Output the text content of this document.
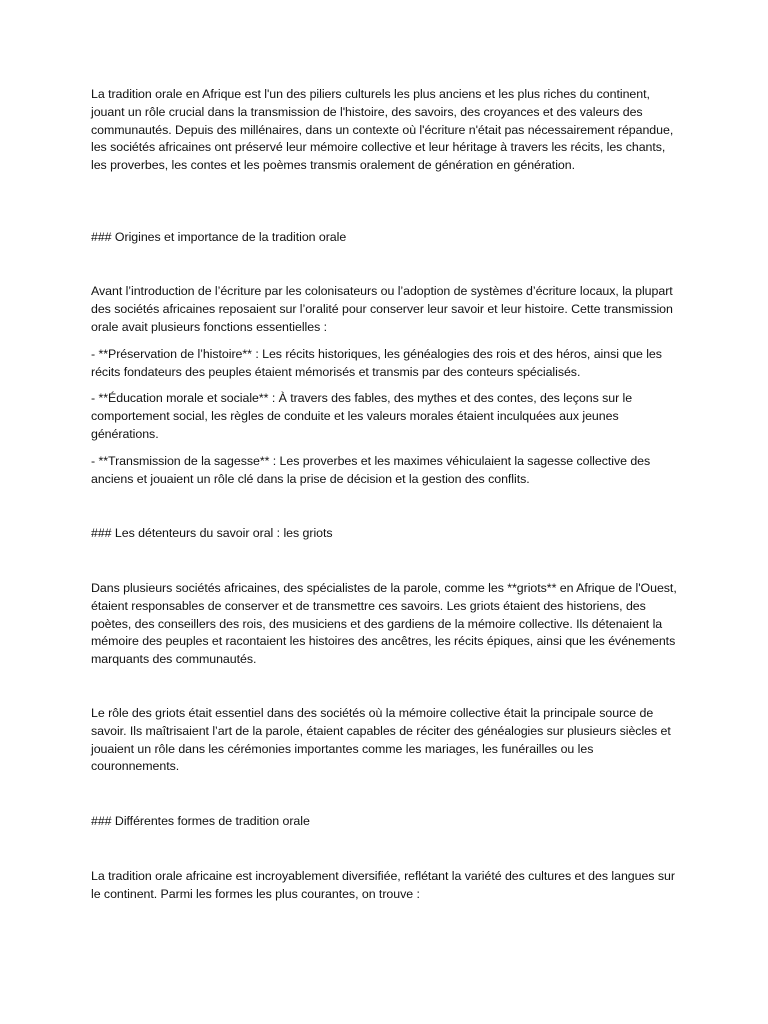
La tradition orale en Afrique est l'un des piliers culturels les plus anciens et les plus riches du continent, jouant un rôle crucial dans la transmission de l'histoire, des savoirs, des croyances et des valeurs des communautés. Depuis des millénaires, dans un contexte où l'écriture n'était pas nécessairement répandue, les sociétés africaines ont préservé leur mémoire collective et leur héritage à travers les récits, les chants, les proverbes, les contes et les poèmes transmis oralement de génération en génération.

### Origines et importance de la tradition orale

Avant l’introduction de l’écriture par les colonisateurs ou l’adoption de systèmes d’écriture locaux, la plupart des sociétés africaines reposaient sur l’oralité pour conserver leur savoir et leur histoire. Cette transmission orale avait plusieurs fonctions essentielles :

- **Préservation de l’histoire** : Les récits historiques, les généalogies des rois et des héros, ainsi que les récits fondateurs des peuples étaient mémorisés et transmis par des conteurs spécialisés.

- **Éducation morale et sociale** : À travers des fables, des mythes et des contes, des leçons sur le comportement social, les règles de conduite et les valeurs morales étaient inculquées aux jeunes générations.

- **Transmission de la sagesse** : Les proverbes et les maximes véhiculaient la sagesse collective des anciens et jouaient un rôle clé dans la prise de décision et la gestion des conflits.

### Les détenteurs du savoir oral : les griots

Dans plusieurs sociétés africaines, des spécialistes de la parole, comme les **griots** en Afrique de l'Ouest, étaient responsables de conserver et de transmettre ces savoirs. Les griots étaient des historiens, des poètes, des conseillers des rois, des musiciens et des gardiens de la mémoire collective. Ils détenaient la mémoire des peuples et racontaient les histoires des ancêtres, les récits épiques, ainsi que les événements marquants des communautés.

Le rôle des griots était essentiel dans des sociétés où la mémoire collective était la principale source de savoir. Ils maîtrisaient l’art de la parole, étaient capables de réciter des généalogies sur plusieurs siècles et jouaient un rôle dans les cérémonies importantes comme les mariages, les funérailles ou les couronnements.

### Différentes formes de tradition orale

La tradition orale africaine est incroyablement diversifiée, reflétant la variété des cultures et des langues sur le continent. Parmi les formes les plus courantes, on trouve :
